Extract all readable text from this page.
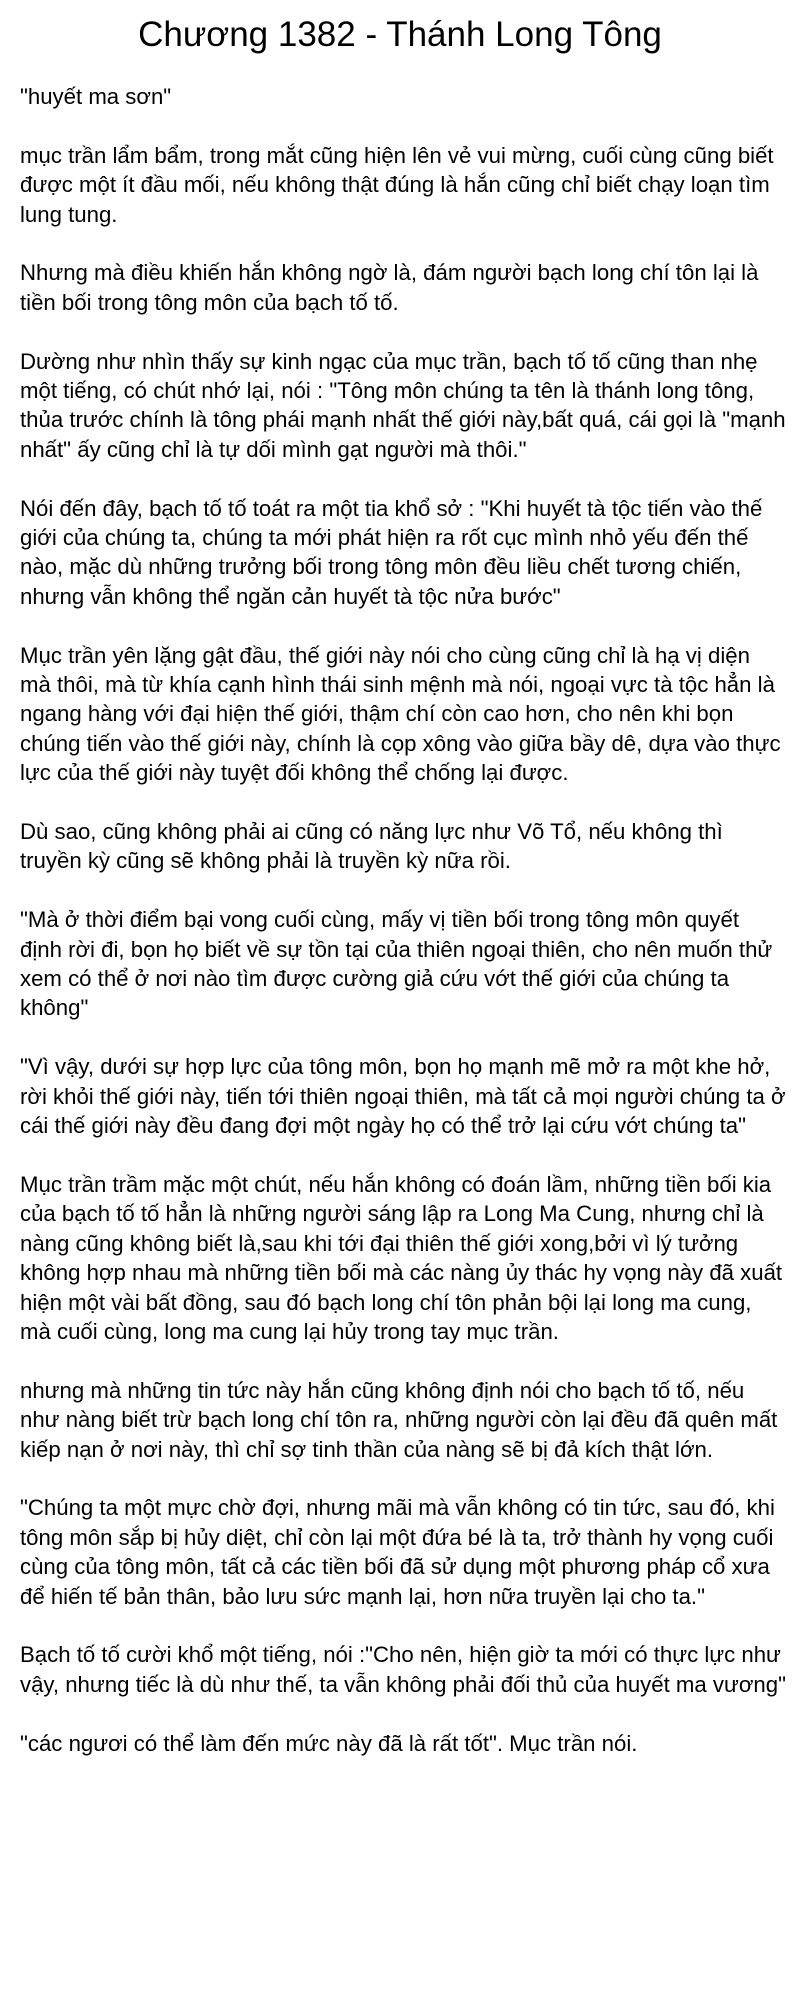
Chương 1382 - Thánh Long Tông

"huyết ma sơn"

mục trần lẩm bẩm, trong mắt cũng hiện lên vẻ vui mừng, cuối cùng cũng biết được một ít đầu mối, nếu không thật đúng là hắn cũng chỉ biết chạy loạn tìm lung tung.

Nhưng mà điều khiến hắn không ngờ là, đám người bạch long chí tôn lại là tiền bối trong tông môn của bạch tố tố.

Dường như nhìn thấy sự kinh ngạc của mục trần, bạch tố tố cũng than nhẹ một tiếng, có chút nhớ lại, nói : "Tông môn chúng ta tên là thánh long tông, thủa trước chính là tông phái mạnh nhất thế giới này,bất quá, cái gọi là "mạnh nhất" ấy cũng chỉ là tự dối mình gạt người mà thôi."

Nói đến đây, bạch tố tố toát ra một tia khổ sở : "Khi huyết tà tộc tiến vào thế giới của chúng ta, chúng ta mới phát hiện ra rốt cục mình nhỏ yếu đến thế nào, mặc dù những trưởng bối trong tông môn đều liều chết tương chiến, nhưng vẫn không thể ngăn cản huyết tà tộc nửa bước"

Mục trần yên lặng gật đầu, thế giới này nói cho cùng cũng chỉ là hạ vị diện mà thôi, mà từ khía cạnh hình thái sinh mệnh mà nói, ngoại vực tà tộc hẳn là ngang hàng với đại hiện thế giới, thậm chí còn cao hơn, cho nên khi bọn chúng tiến vào thế giới này, chính là cọp xông vào giữa bầy dê, dựa vào thực lực của thế giới này tuyệt đối không thể chống lại được.

Dù sao, cũng không phải ai cũng có năng lực như Võ Tổ, nếu không thì truyền kỳ cũng sẽ không phải là truyền kỳ nữa rồi.

"Mà ở thời điểm bại vong cuối cùng, mấy vị tiền bối trong tông môn quyết định rời đi, bọn họ biết về sự tồn tại của thiên ngoại thiên, cho nên muốn thử xem có thể ở nơi nào tìm được cường giả cứu vớt thế giới của chúng ta không"

"Vì vậy, dưới sự hợp lực của tông môn, bọn họ mạnh mẽ mở ra một khe hở, rời khỏi thế giới này, tiến tới thiên ngoại thiên, mà tất cả mọi người chúng ta ở cái thế giới này đều đang đợi một ngày họ có thể trở lại cứu vớt chúng ta"

Mục trần trầm mặc một chút, nếu hắn không có đoán lầm, những tiền bối kia của bạch tố tố hẳn là những người sáng lập ra Long Ma Cung, nhưng chỉ là nàng cũng không biết là,sau khi tới đại thiên thế giới xong,bởi vì lý tưởng không hợp nhau mà những tiền bối mà các nàng ủy thác hy vọng này đã xuất hiện một vài bất đồng, sau đó bạch long chí tôn phản bội lại long ma cung, mà cuối cùng, long ma cung lại hủy trong tay mục trần.

nhưng mà những tin tức này hắn cũng không định nói cho bạch tố tố, nếu như nàng biết trừ bạch long chí tôn ra, những người còn lại đều đã quên mất kiếp nạn ở nơi này, thì chỉ sợ tinh thần của nàng sẽ bị đả kích thật lớn.

"Chúng ta một mực chờ đợi, nhưng mãi mà vẫn không có tin tức, sau đó, khi tông môn sắp bị hủy diệt, chỉ còn lại một đứa bé là ta, trở thành hy vọng cuối cùng của tông môn, tất cả các tiền bối đã sử dụng một phương pháp cổ xưa để hiến tế bản thân, bảo lưu sức mạnh lại, hơn nữa truyền lại cho ta."

Bạch tố tố cười khổ một tiếng, nói :"Cho nên, hiện giờ ta mới có thực lực như vậy, nhưng tiếc là dù như thế, ta vẫn không phải đối thủ của huyết ma vương"

"các ngươi có thể làm đến mức này đã là rất tốt". Mục trần nói.
